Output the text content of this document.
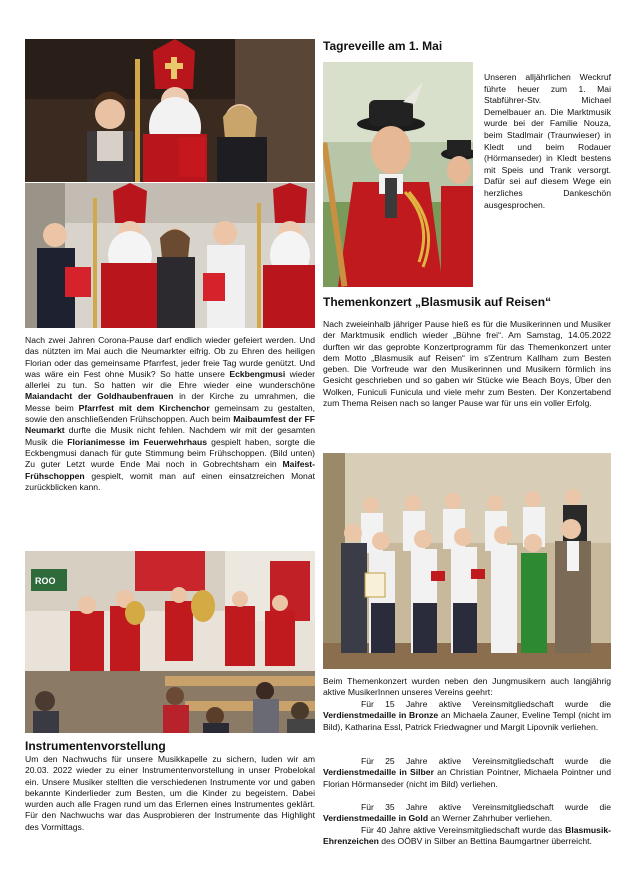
Nach zwei Jahren Corona-Pause darf endlich wieder gefeiert werden. Und das nützten im Mai auch die Neumarkter eifrig. Ob zu Ehren des heiligen Florian oder das gemeinsame Pfarrfest, jeder freie Tag wurde genützt. Und was wäre ein Fest ohne Musik? So hatte unsere Eckbengmusi wieder allerlei zu tun. So hatten wir die Ehre wieder eine wunderschöne Maiandacht der Goldhaubenfrauen in der Kirche zu umrahmen, die Messe beim Pfarrfest mit dem Kirchenchor gemeinsam zu gestalten, sowie den anschließenden Frühschoppen. Auch beim Maibaumfest der FF Neumarkt durfte die Musik nicht fehlen. Nachdem wir mit der gesamten Musik die Florianimesse im Feuerwehrhaus gespielt haben, sorgte die Eckbengmusi danach für gute Stimmung beim Frühschoppen. (Bild unten) Zu guter Letzt wurde Ende Mai noch in Gobrechtsham ein Maifest-Frühschoppen gespielt, womit man auf einen einsatzreichen Monat zurückblicken kann.

ROO
Instrumentenvorstellung

Um den Nachwuchs für unsere Musikkapelle zu sichern, luden wir am 20.03. 2022 wieder zu einer Instrumentenvorstellung in unser Probelokal ein. Unsere Musiker stellten die verschiedenen Instrumente vor und gaben bekannte Kinderlieder zum Besten, um die Kinder zu begeistern. Dabei wurden auch alle Fragen rund um das Erlernen eines Instrumentes geklärt. Für den Nachwuchs war das Ausprobieren der Instrumente das Highlight des Vormittags.

Tagreveille am 1. Mai

Unseren alljährlichen Weckruf führte heuer zum 1. Mai Stabführer-Stv. Michael Demelbauer an. Die Marktmusik wurde bei der Familie Nouza, beim Stadlmair (Traunwieser) in Kledt und beim Rodauer (Hörmanseder) in Kledt bestens mit Speis und Trank versorgt. Dafür sei auf diesem Wege ein herzliches Dankeschön ausgesprochen.

Themenkonzert „Blasmusik auf Reisen“

Nach zweieinhalb jähriger Pause hieß es für die Musikerinnen und Musiker der Marktmusik endlich wieder „Bühne frei“. Am Samstag, 14.05.2022 durften wir das geprobte Konzertprogramm für das Themenkonzert unter dem Motto „Blasmusik auf Reisen“ im s'Zentrum Kallham zum Besten geben. Die Vorfreude war den Musikerinnen und Musikern förmlich ins Gesicht geschrieben und so gaben wir Stücke wie Beach Boys, Über den Wolken, Funiculi Funicula und viele mehr zum Besten. Der Konzertabend zum Thema Reisen nach so langer Pause war für uns ein voller Erfolg.

Beim Themenkonzert wurden neben den Jungmusikern auch langjährig aktive MusikerInnen unseres Vereins geehrt:

Für 15 Jahre aktive Vereinsmitgliedschaft wurde die Verdienstmedaille in Bronze an Michaela Zauner, Eveline Templ (nicht im Bild), Katharina Essl, Patrick Friedwagner und Margit Lipovnik verliehen.

Für 25 Jahre aktive Vereinsmitgliedschaft wurde die Verdienstmedaille in Silber an Christian Pointner, Michaela Pointner und Florian Hörmanseder (nicht im Bild) verliehen.

Für 35 Jahre aktive Vereinsmitgliedschaft wurde die Verdienstmedaille in Gold an Werner Zahrhuber verliehen.

Für 40 Jahre aktive Vereinsmitgliedschaft wurde das Blasmusik-Ehrenzeichen des OÖBV in Silber an Bettina Baumgartner überreicht.
